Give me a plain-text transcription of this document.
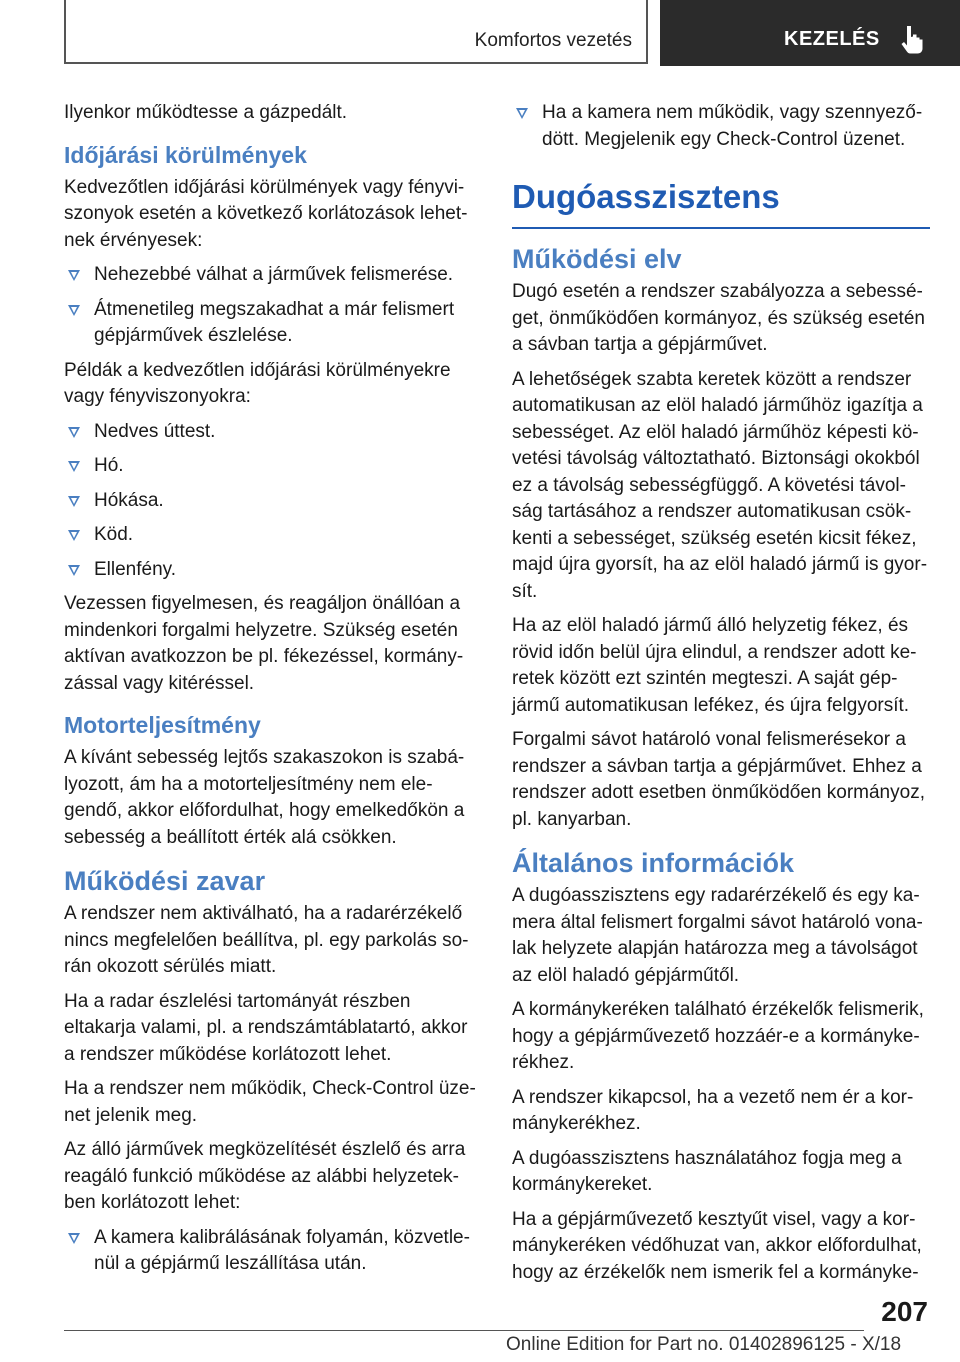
Komfortos vezetés	KEZELÉS

Ilyenkor működtesse a gázpedált.

Időjárási körülmények

Kedvezőtlen időjárási körülmények vagy fényvi-szonyok esetén a következő korlátozások lehet-nek érvényesek:

Nehezebbé válhat a járművek felismerése.
Átmenetileg megszakadhat a már felismert gépjárművek észlelése.

Példák a kedvezőtlen időjárási körülményekre vagy fényviszonyokra:

Nedves úttest.
Hó.
Hókása.
Köd.
Ellenfény.

Vezessen figyelmesen, és reagáljon önállóan a mindenkori forgalmi helyzetre. Szükség esetén aktívan avatkozzon be pl. fékezéssel, kormány-zással vagy kitéréssel.

Motorteljesítmény

A kívánt sebesség lejtős szakaszokon is szabá-lyozott, ám ha a motorteljesítmény nem ele-gendő, akkor előfordulhat, hogy emelkedőkön a sebesség a beállított érték alá csökken.

Működési zavar

A rendszer nem aktiválható, ha a radarérzékelő nincs megfelelően beállítva, pl. egy parkolás so-rán okozott sérülés miatt.

Ha a radar észlelési tartományát részben eltakarja valami, pl. a rendszámtáblatartó, akkor a rendszer működése korlátozott lehet.

Ha a rendszer nem működik, Check-Control üze-net jelenik meg.

Az álló járművek megközelítését észlelő és arra reagáló funkció működése az alábbi helyzetek-ben korlátozott lehet:

A kamera kalibrálásának folyamán, közvetle-nül a gépjármű leszállítása után.
Ha a kamera nem működik, vagy szennyező-dött. Megjelenik egy Check-Control üzenet.
Dugóasszisztens
Működési elv

Dugó esetén a rendszer szabályozza a sebessé-get, önműködően kormányoz, és szükség esetén a sávban tartja a gépjárművet.

A lehetőségek szabta keretek között a rendszer automatikusan az elöl haladó járműhöz igazítja a sebességet. Az elöl haladó járműhöz képesti kö-vetési távolság változtatható. Biztonsági okokból ez a távolság sebességfüggő. A követési távol-ság tartásához a rendszer automatikusan csök-kenti a sebességet, szükség esetén kicsit fékez, majd újra gyorsít, ha az elöl haladó jármű is gyor-sít.

Ha az elöl haladó jármű álló helyzetig fékez, és rövid időn belül újra elindul, a rendszer adott ke-retek között ezt szintén megteszi. A saját gép-jármű automatikusan lefékez, és újra felgyorsít.

Forgalmi sávot határoló vonal felismerésekor a rendszer a sávban tartja a gépjárművet. Ehhez a rendszer adott esetben önműködően kormányoz, pl. kanyarban.

Általános információk

A dugóasszisztens egy radarérzékelő és egy ka-mera által felismert forgalmi sávot határoló vona-lak helyzete alapján határozza meg a távolságot az elöl haladó gépjárműtől.

A kormánykeréken található érzékelők felismerik, hogy a gépjárművezető hozzáér-e a kormányke-rékhez.

A rendszer kikapcsol, ha a vezető nem ér a kor-mánykerékhez.

A dugóasszisztens használatához fogja meg a kormánykereket.

Ha a gépjárművezető kesztyűt visel, vagy a kor-mánykeréken védőhuzat van, akkor előfordulhat, hogy az érzékelők nem ismerik fel a kormányke-

207
Online Edition for Part no. 01402896125 - X/18
